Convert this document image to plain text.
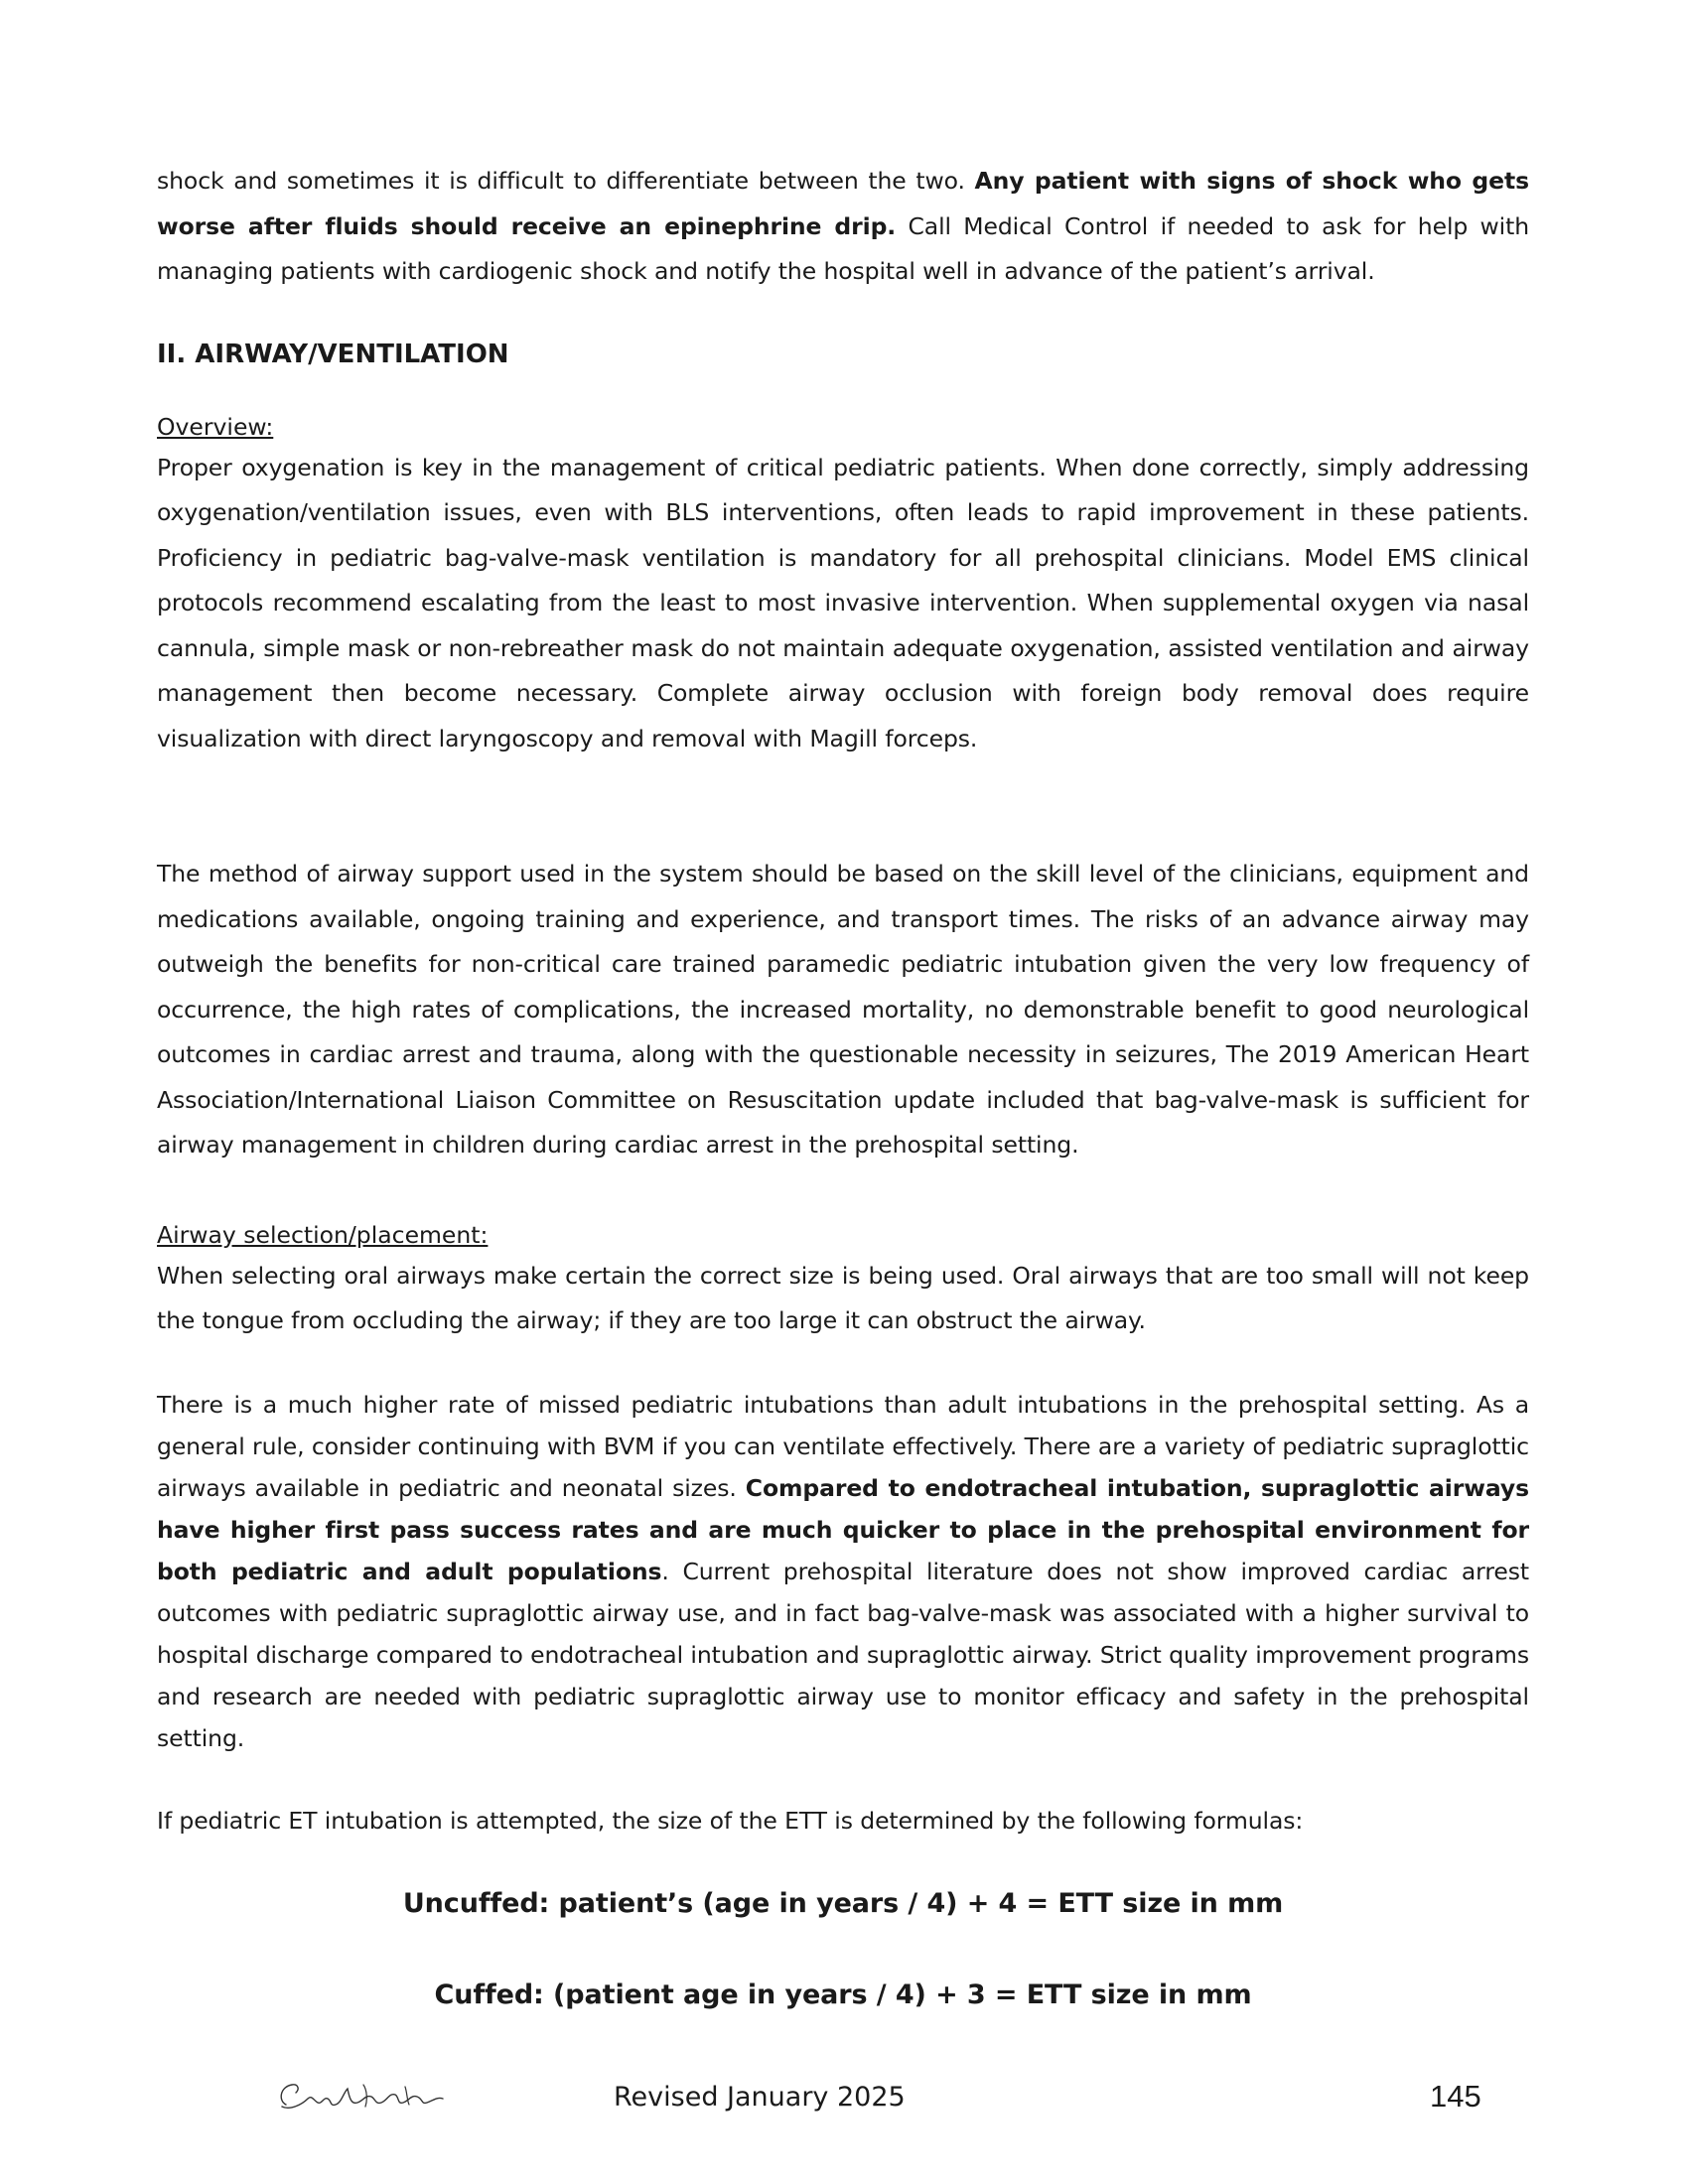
shock and sometimes it is difficult to differentiate between the two. Any patient with signs of shock who gets worse after fluids should receive an epinephrine drip. Call Medical Control if needed to ask for help with managing patients with cardiogenic shock and notify the hospital well in advance of the patient’s arrival.

II. AIRWAY/VENTILATION
Overview:

Proper oxygenation is key in the management of critical pediatric patients. When done correctly, simply addressing oxygenation/ventilation issues, even with BLS interventions, often leads to rapid improvement in these patients. Proficiency in pediatric bag-valve-mask ventilation is mandatory for all prehospital clinicians. Model EMS clinical protocols recommend escalating from the least to most invasive intervention. When supplemental oxygen via nasal cannula, simple mask or non-rebreather mask do not maintain adequate oxygenation, assisted ventilation and airway management then become necessary. Complete airway occlusion with foreign body removal does require visualization with direct laryngoscopy and removal with Magill forceps.

The method of airway support used in the system should be based on the skill level of the clinicians, equipment and medications available, ongoing training and experience, and transport times. The risks of an advance airway may outweigh the benefits for non-critical care trained paramedic pediatric intubation given the very low frequency of occurrence, the high rates of complications, the increased mortality, no demonstrable benefit to good neurological outcomes in cardiac arrest and trauma, along with the questionable necessity in seizures, The 2019 American Heart Association/International Liaison Committee on Resuscitation update included that bag-valve-mask is sufficient for airway management in children during cardiac arrest in the prehospital setting.

Airway selection/placement:

When selecting oral airways make certain the correct size is being used. Oral airways that are too small will not keep the tongue from occluding the airway; if they are too large it can obstruct the airway.

There is a much higher rate of missed pediatric intubations than adult intubations in the prehospital setting. As a general rule, consider continuing with BVM if you can ventilate effectively. There are a variety of pediatric supraglottic airways available in pediatric and neonatal sizes. Compared to endotracheal intubation, supraglottic airways have higher first pass success rates and are much quicker to place in the prehospital environment for both pediatric and adult populations. Current prehospital literature does not show improved cardiac arrest outcomes with pediatric supraglottic airway use, and in fact bag-valve-mask was associated with a higher survival to hospital discharge compared to endotracheal intubation and supraglottic airway. Strict quality improvement programs and research are needed with pediatric supraglottic airway use to monitor efficacy and safety in the prehospital setting.

If pediatric ET intubation is attempted, the size of the ETT is determined by the following formulas:

Uncuffed: patient’s (age in years / 4) + 4 = ETT size in mm

Cuffed: (patient age in years / 4) + 3 = ETT size in mm

Revised January 2025	145
